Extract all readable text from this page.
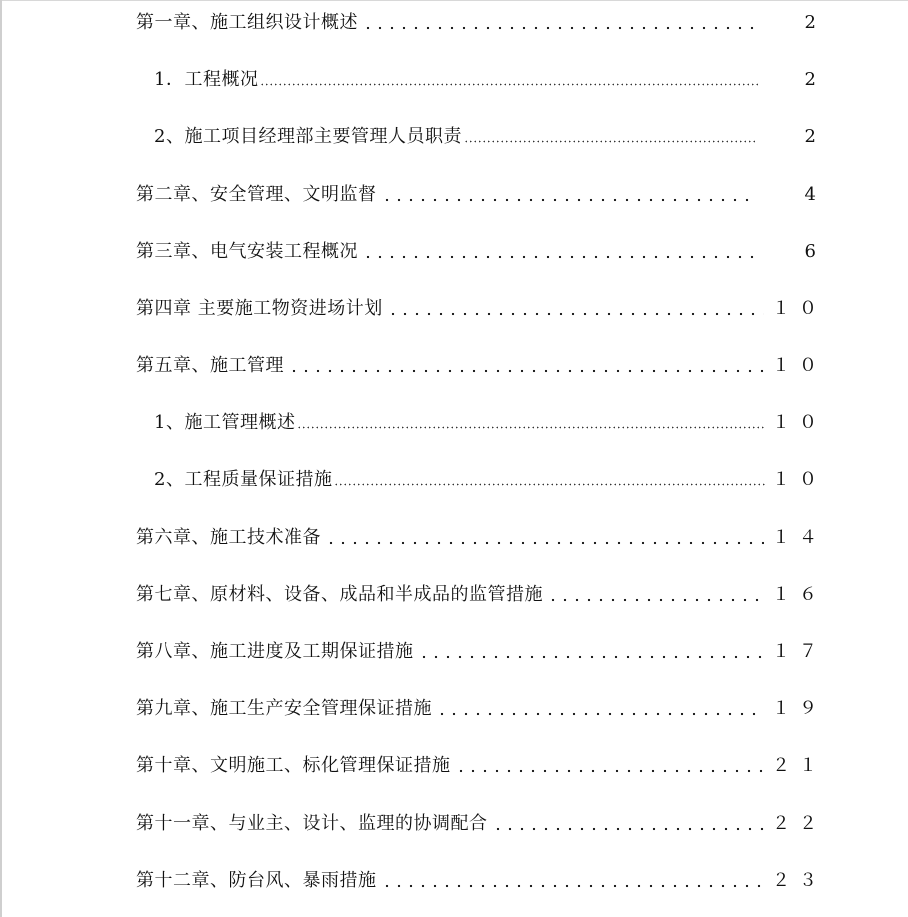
第一章、施工组织设计概述	2
1．工程概况	2
2、施工项目经理部主要管理人员职责	2
第二章、安全管理、文明监督	4
第三章、电气安装工程概况	6
第四章 主要施工物资进场计划	１０
第五章、施工管理	１０
1、施工管理概述	１０
2、工程质量保证措施	１０
第六章、施工技术准备	１４
第七章、原材料、设备、成品和半成品的监管措施	１６
第八章、施工进度及工期保证措施	１７
第九章、施工生产安全管理保证措施	１９
第十章、文明施工、标化管理保证措施	２１
第十一章、与业主、设计、监理的协调配合	２２
第十二章、防台风、暴雨措施	２３
